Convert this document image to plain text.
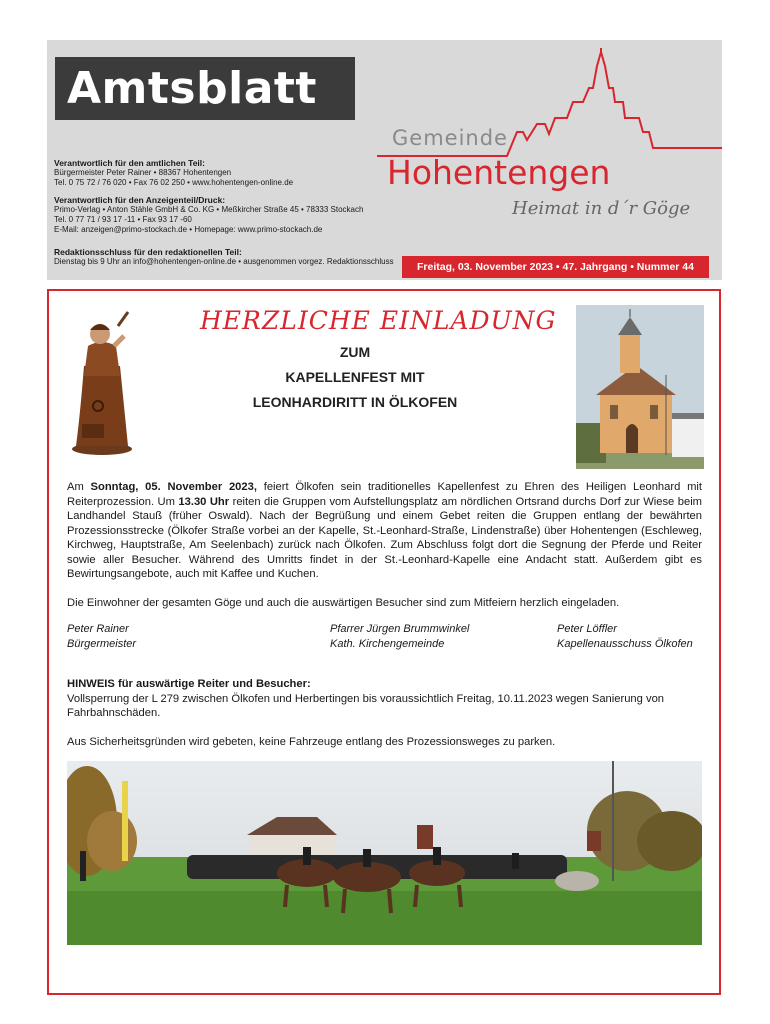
Amtsblatt
Gemeinde
Hohentengen
Heimat in d´r Göge
Verantwortlich für den amtlichen Teil:
Bürgermeister Peter Rainer • 88367 Hohentengen
Tel. 0 75 72 / 76 020 • Fax 76 02 250 • www.hohentengen-online.de
Verantwortlich für den Anzeigenteil/Druck:
Primo-Verlag • Anton Stähle GmbH & Co. KG • Meßkircher Straße 45 • 78333 Stockach
Tel. 0 77 71 / 93 17 -11 • Fax 93 17 -60
E-Mail: anzeigen@primo-stockach.de • Homepage: www.primo-stockach.de
Redaktionsschluss für den redaktionellen Teil:
Dienstag bis 9 Uhr an info@hohentengen-online.de • ausgenommen vorgez. Redaktionsschluss Freitag, 03. November 2023 • 47. Jahrgang • Nummer 44
HERZLICHE EINLADUNG
ZUM
KAPELLENFEST MIT
LEONHARDIRITT IN ÖLKOFEN
Am Sonntag, 05. November 2023, feiert Ölkofen sein traditionelles Kapellenfest zu Ehren des Heiligen Leonhard mit Reiterprozession. Um 13.30 Uhr reiten die Gruppen vom Aufstellungsplatz am nördlichen Ortsrand durchs Dorf zur Wiese beim Landhandel Stauß (früher Oswald). Nach der Begrüßung und einem Gebet reiten die Gruppen entlang der bewährten Prozessionsstrecke (Ölkofer Straße vorbei an der Kapelle, St.-Leonhard-Straße, Lindenstraße) über Hohentengen (Eschleweg, Kirchweg, Hauptstraße, Am Seelenbach) zurück nach Ölkofen. Zum Abschluss folgt dort die Segnung der Pferde und Reiter sowie aller Besucher. Während des Umritts findet in der St.-Leonhard-Kapelle eine Andacht statt. Außerdem gibt es Bewirtungsangebote, auch mit Kaffee und Kuchen.
Die Einwohner der gesamten Göge und auch die auswärtigen Besucher sind zum Mitfeiern herzlich eingeladen.
Peter Rainer
Bürgermeister
Pfarrer Jürgen Brummwinkel
Kath. Kirchengemeinde
Peter Löffler
Kapellenausschuss Ölkofen
HINWEIS für auswärtige Reiter und Besucher:
Vollsperrung der L 279 zwischen Ölkofen und Herbertingen bis voraussichtlich Freitag, 10.11.2023 wegen Sanierung von Fahrbahnschäden.
Aus Sicherheitsgründen wird gebeten, keine Fahrzeuge entlang des Prozessionsweges zu parken.
